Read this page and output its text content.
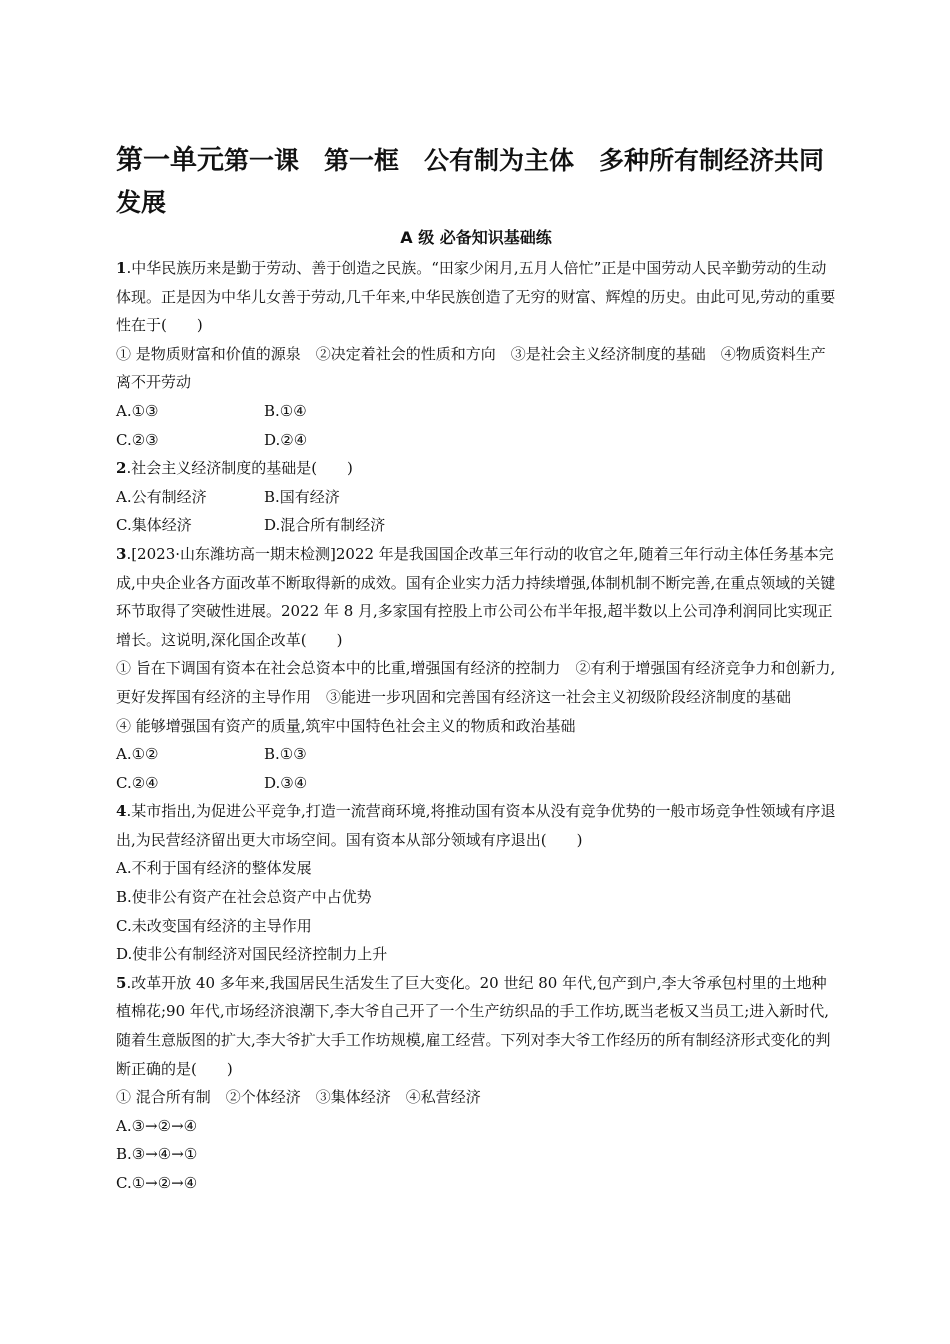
第一单元第一课　第一框　公有制为主体　多种所有制经济共同发展
A 级 必备知识基础练

1.中华民族历来是勤于劳动、善于创造之民族。“田家少闲月,五月人倍忙”正是中国劳动人民辛勤劳动的生动体现。正是因为中华儿女善于劳动,几千年来,中华民族创造了无穷的财富、辉煌的历史。由此可见,劳动的重要性在于(　　)

① 是物质财富和价值的源泉　②决定着社会的性质和方向　③是社会主义经济制度的基础　④物质资料生产离不开劳动

A.①③	B.①④
C.②③	D.②④

2.社会主义经济制度的基础是(　　)

A.公有制经济	B.国有经济
C.集体经济	D.混合所有制经济

3.[2023·山东潍坊高一期末检测]2022 年是我国国企改革三年行动的收官之年,随着三年行动主体任务基本完成,中央企业各方面改革不断取得新的成效。国有企业实力活力持续增强,体制机制不断完善,在重点领域的关键环节取得了突破性进展。2022 年 8 月,多家国有控股上市公司公布半年报,超半数以上公司净利润同比实现正增长。这说明,深化国企改革(　　)

① 旨在下调国有资本在社会总资本中的比重,增强国有经济的控制力　②有利于增强国有经济竞争力和创新力,更好发挥国有经济的主导作用　③能进一步巩固和完善国有经济这一社会主义初级阶段经济制度的基础

④ 能够增强国有资产的质量,筑牢中国特色社会主义的物质和政治基础

A.①②	B.①③
C.②④	D.③④

4.某市指出,为促进公平竞争,打造一流营商环境,将推动国有资本从没有竞争优势的一般市场竞争性领域有序退出,为民营经济留出更大市场空间。国有资本从部分领域有序退出(　　)

A.不利于国有经济的整体发展

B.使非公有资产在社会总资产中占优势

C.未改变国有经济的主导作用

D.使非公有制经济对国民经济控制力上升

5.改革开放 40 多年来,我国居民生活发生了巨大变化。20 世纪 80 年代,包产到户,李大爷承包村里的土地种植棉花;90 年代,市场经济浪潮下,李大爷自己开了一个生产纺织品的手工作坊,既当老板又当员工;进入新时代,随着生意版图的扩大,李大爷扩大手工作坊规模,雇工经营。下列对李大爷工作经历的所有制经济形式变化的判断正确的是(　　)

① 混合所有制　②个体经济　③集体经济　④私营经济

A.③→②→④

B.③→④→①

C.①→②→④
